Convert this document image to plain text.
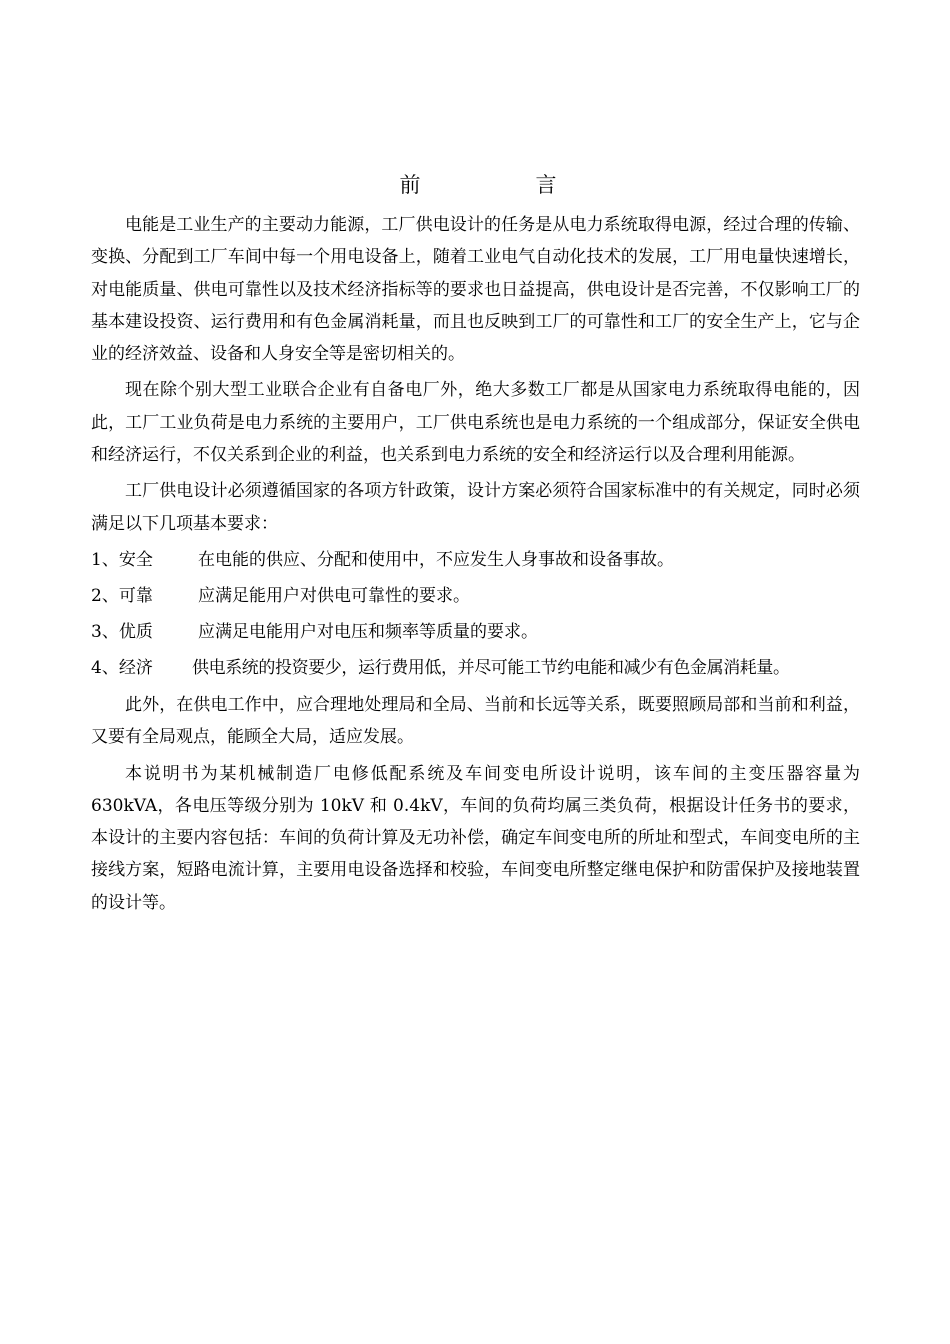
前	言

电能是工业生产的主要动力能源，工厂供电设计的任务是从电力系统取得电源，经过合理的传输、变换、分配到工厂车间中每一个用电设备上，随着工业电气自动化技术的发展，工厂用电量快速增长，对电能质量、供电可靠性以及技术经济指标等的要求也日益提高，供电设计是否完善，不仅影响工厂的基本建设投资、运行费用和有色金属消耗量，而且也反映到工厂的可靠性和工厂的安全生产上，它与企业的经济效益、设备和人身安全等是密切相关的。

现在除个别大型工业联合企业有自备电厂外，绝大多数工厂都是从国家电力系统取得电能的，因此，工厂工业负荷是电力系统的主要用户，工厂供电系统也是电力系统的一个组成部分，保证安全供电和经济运行，不仅关系到企业的利益，也关系到电力系统的安全和经济运行以及合理利用能源。

工厂供电设计必须遵循国家的各项方针政策，设计方案必须符合国家标准中的有关规定，同时必须满足以下几项基本要求：

1、安全	在电能的供应、分配和使用中，不应发生人身事故和设备事故。
2、可靠	应满足能用户对供电可靠性的要求。
3、优质	应满足电能用户对电压和频率等质量的要求。
4、经济	供电系统的投资要少，运行费用低，并尽可能工节约电能和减少有色金属消耗量。

此外，在供电工作中，应合理地处理局和全局、当前和长远等关系，既要照顾局部和当前和利益，又要有全局观点，能顾全大局，适应发展。

本说明书为某机械制造厂电修低配系统及车间变电所设计说明，该车间的主变压器容量为 630kVA，各电压等级分别为 10kV 和 0.4kV，车间的负荷均属三类负荷，根据设计任务书的要求，本设计的主要内容包括：车间的负荷计算及无功补偿，确定车间变电所的所址和型式，车间变电所的主接线方案，短路电流计算，主要用电设备选择和校验，车间变电所整定继电保护和防雷保护及接地装置的设计等。
